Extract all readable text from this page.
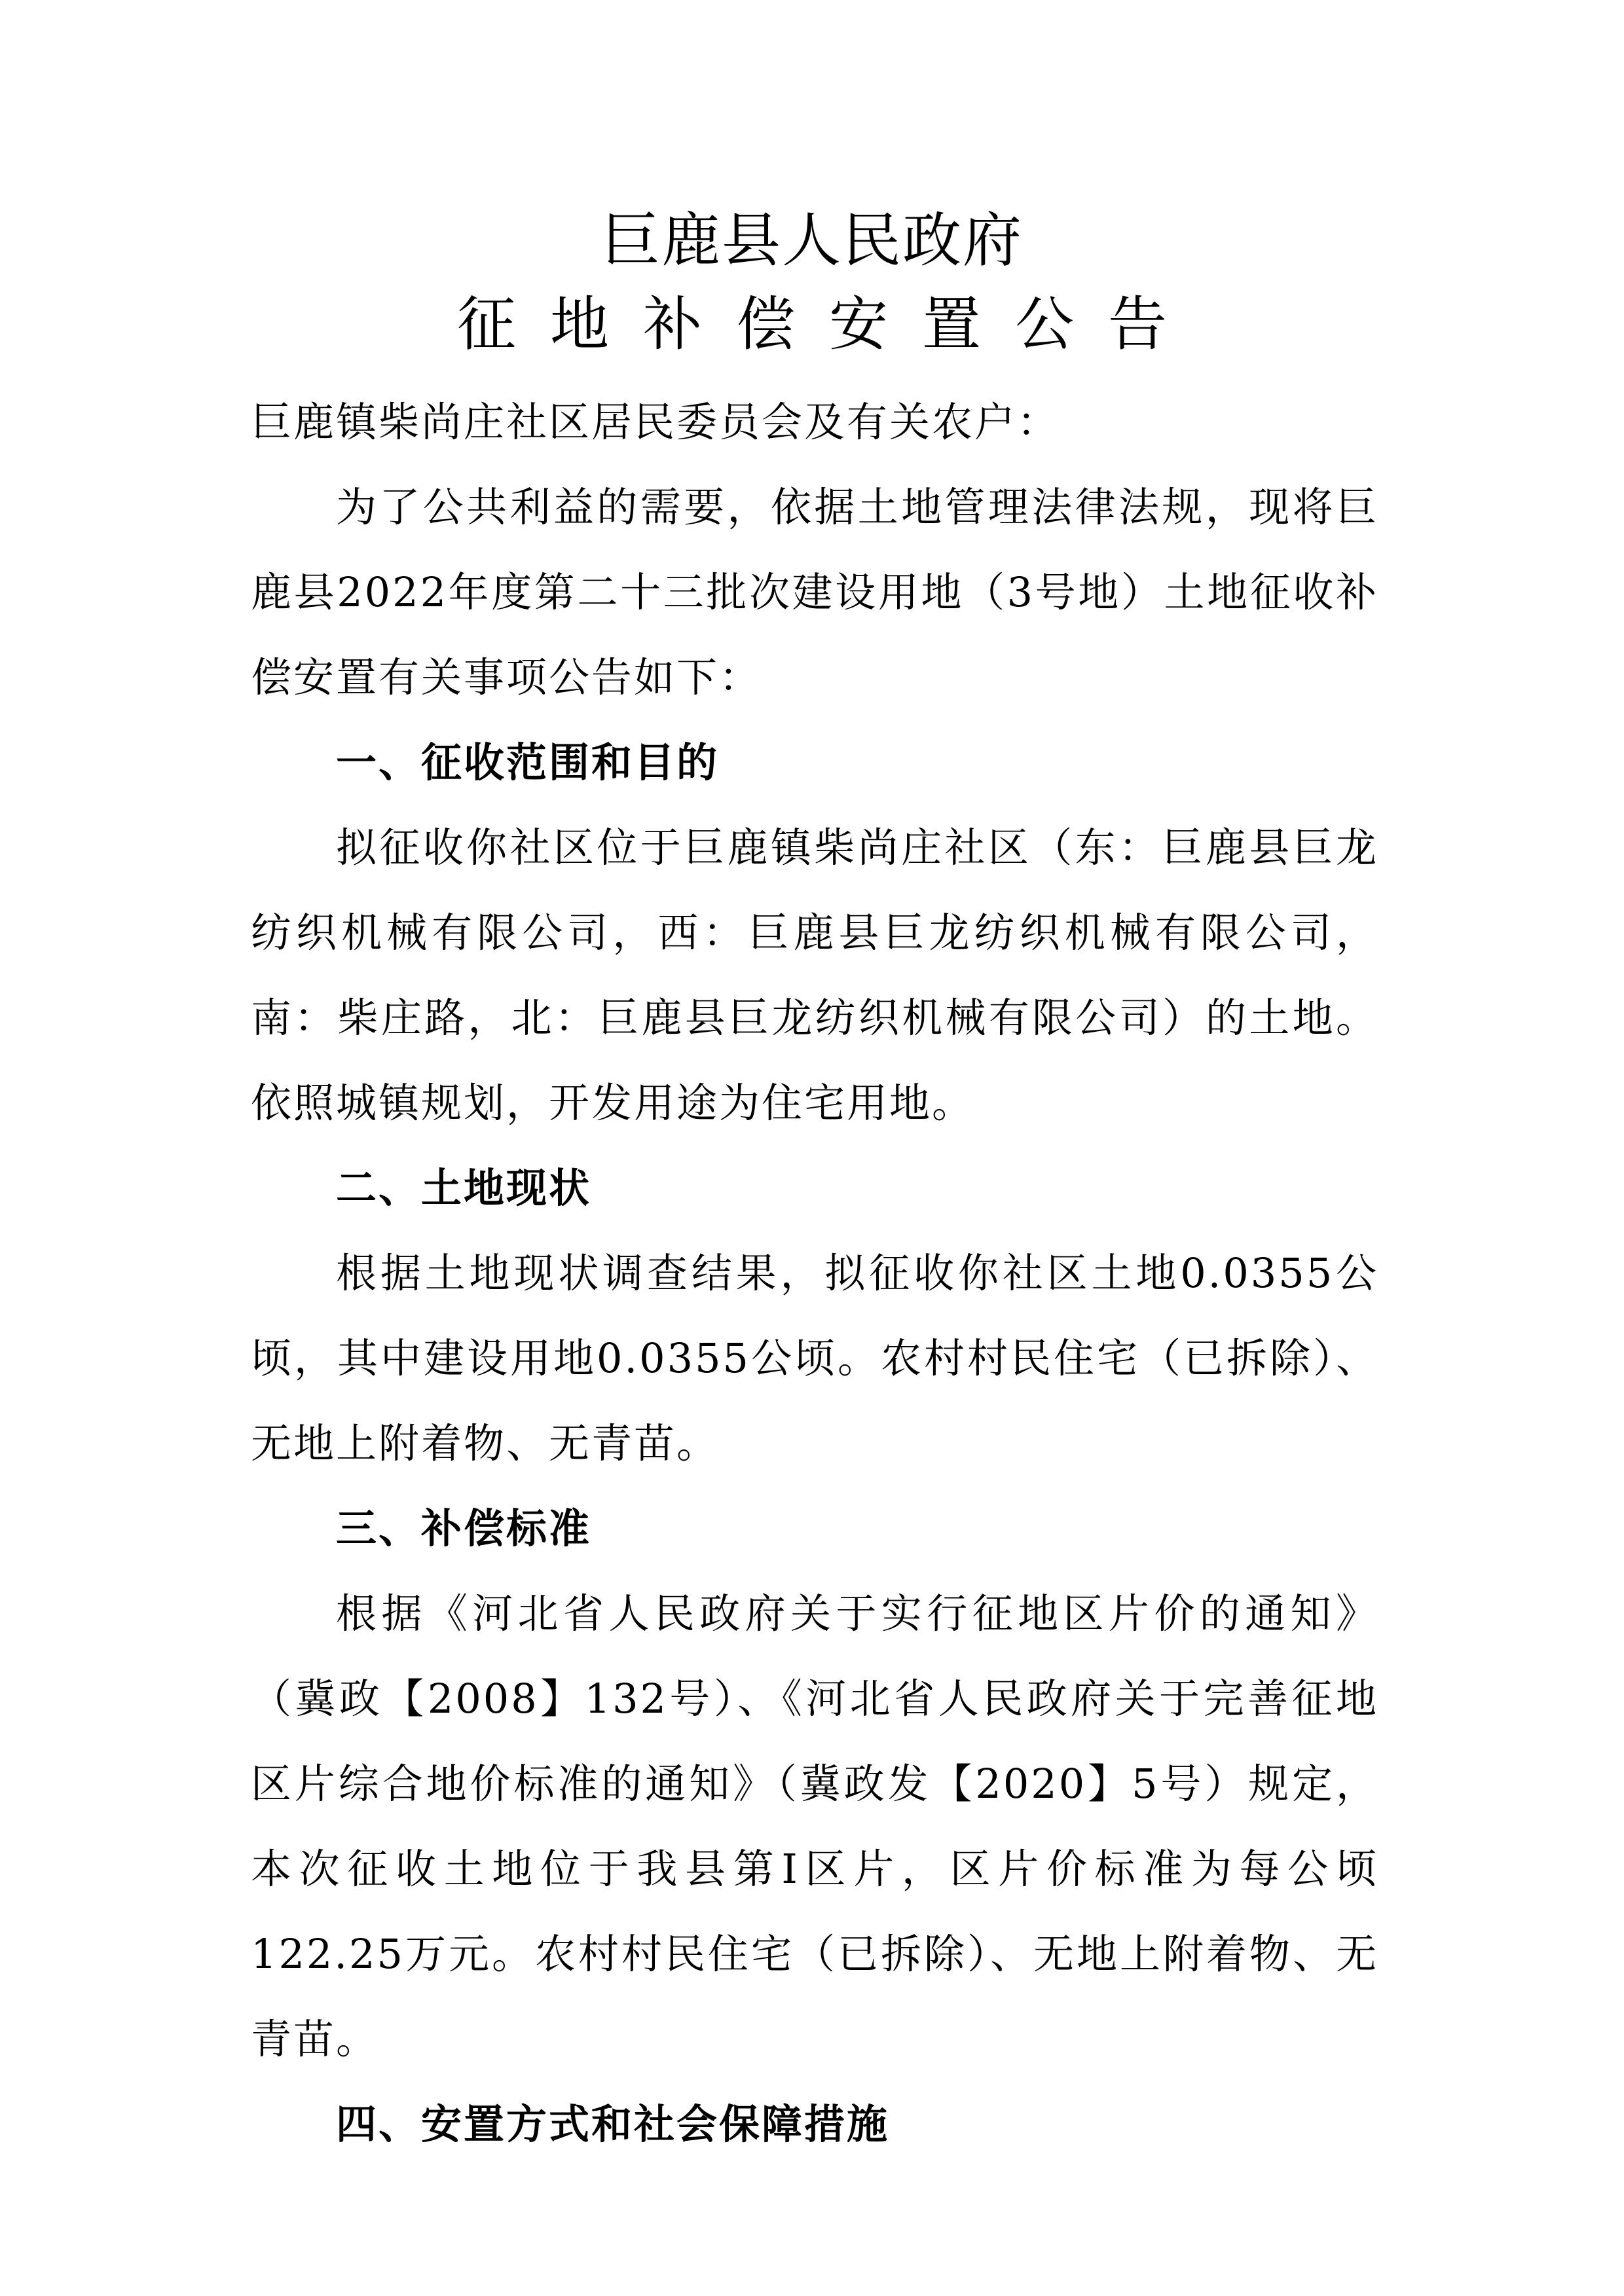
巨鹿县人民政府
征地补偿安置公告

巨鹿镇柴尚庄社区居民委员会及有关农户：

为了公共利益的需要，依据土地管理法律法规，现将巨鹿县2022年度第二十三批次建设用地（3号地）土地征收补偿安置有关事项公告如下：

一、征收范围和目的

拟征收你社区位于巨鹿镇柴尚庄社区（东：巨鹿县巨龙纺织机械有限公司，西：巨鹿县巨龙纺织机械有限公司，南：柴庄路，北：巨鹿县巨龙纺织机械有限公司）的土地。依照城镇规划，开发用途为住宅用地。

二、土地现状

根据土地现状调查结果，拟征收你社区土地0.0355公顷，其中建设用地0.0355公顷。农村村民住宅（已拆除）、无地上附着物、无青苗。

三、补偿标准

根据《河北省人民政府关于实行征地区片价的通知》（冀政【2008】132号）、《河北省人民政府关于完善征地区片综合地价标准的通知》（冀政发【2020】5号）规定，本次征收土地位于我县第Ⅰ区片，区片价标准为每公顷122.25万元。农村村民住宅（已拆除）、无地上附着物、无青苗。

四、安置方式和社会保障措施
